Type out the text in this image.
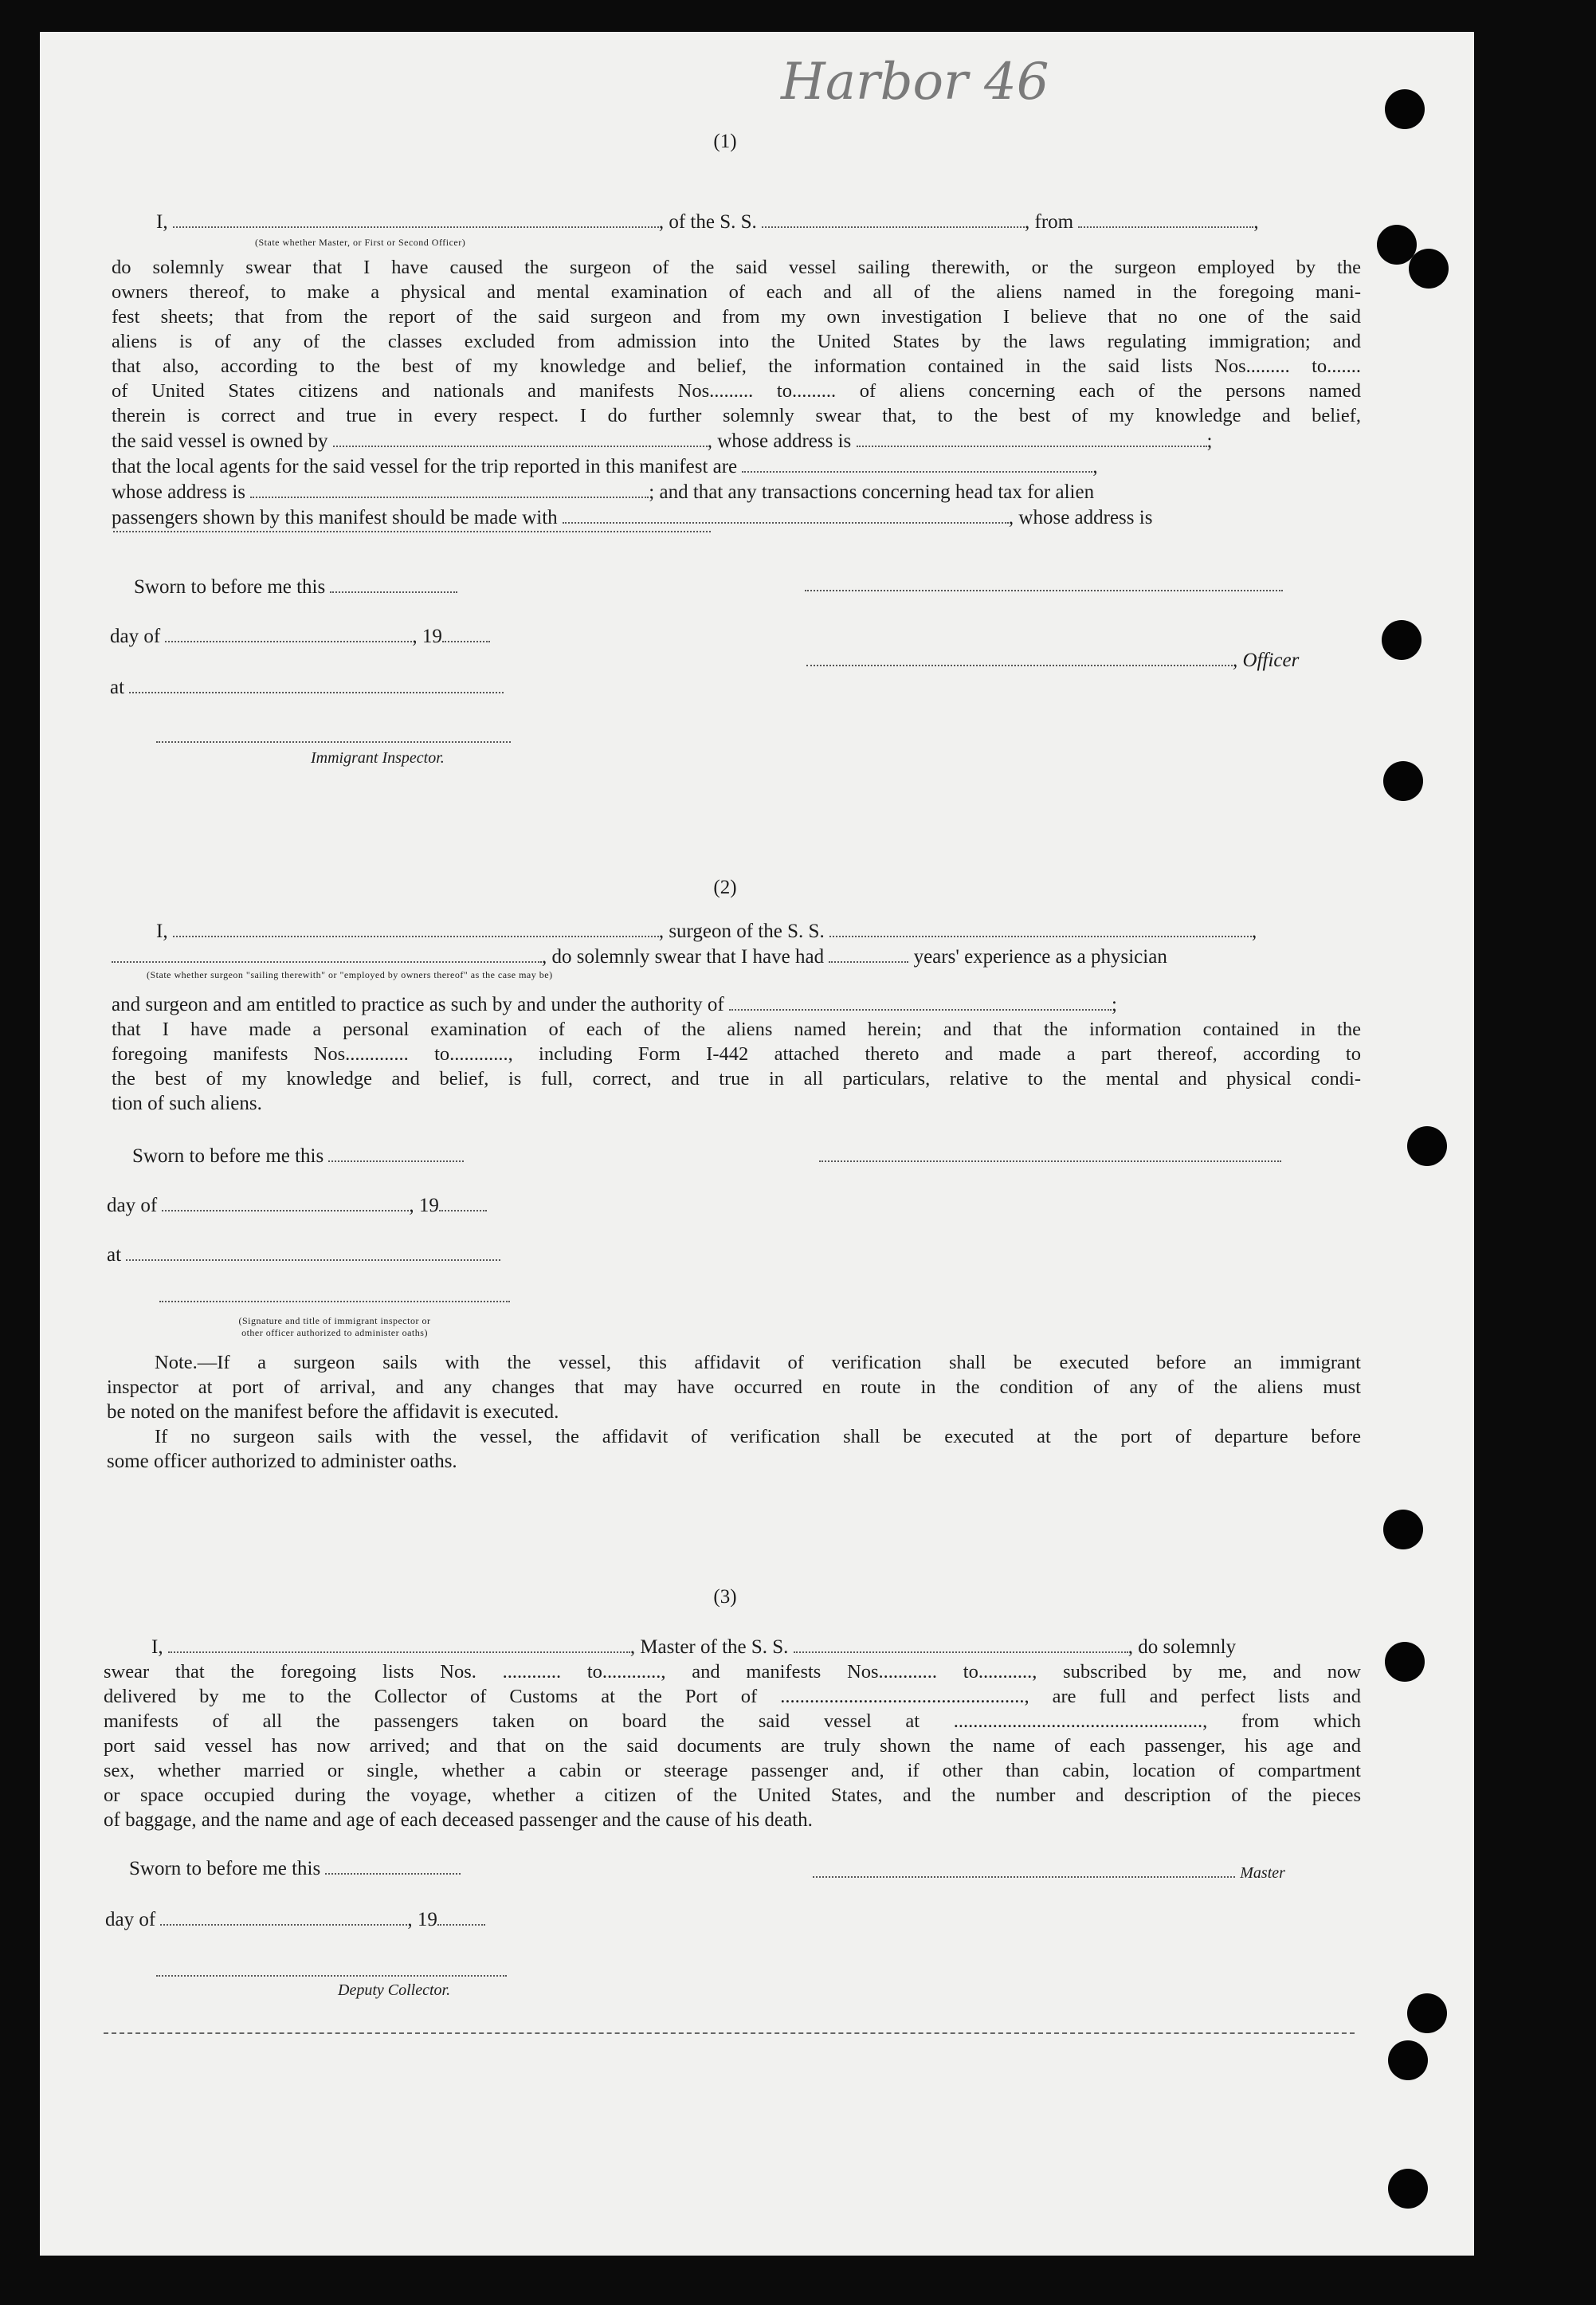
Harbor 46
(1)
I,	, of the S. S.	, from	,
(State whether Master, or First or Second Officer)
do solemnly swear that I have caused the surgeon of the said vessel sailing therewith, or the surgeon employed by the
owners thereof, to make a physical and mental examination of each and all of the aliens named in the foregoing mani-
fest sheets; that from the report of the said surgeon and from my own investigation I believe that no one of the said
aliens is of any of the classes excluded from admission into the United States by the laws regulating immigration; and
that also, according to the best of my knowledge and belief, the information contained in the said lists Nos......... to.......
of United States citizens and nationals and manifests Nos......... to......... of aliens concerning each of the persons named
therein is correct and true in every respect. I do further solemnly swear that, to the best of my knowledge and belief,
the said vessel is owned by	, whose address is	;
that the local agents for the said vessel for the trip reported in this manifest are	,
whose address is	; and that any transactions concerning head tax for alien
passengers shown by this manifest should be made with	, whose address is
Sworn to before me this
day of	, 19
, Officer
at
Immigrant Inspector.
(2)
I,	, surgeon of the S. S.	,
, do solemnly swear that I have had	years' experience as a physician
(State whether surgeon "sailing therewith" or "employed by owners thereof" as the case may be)
and surgeon and am entitled to practice as such by and under the authority of	;
that I have made a personal examination of each of the aliens named herein; and that the information contained in the
foregoing manifests Nos............. to............, including Form I-442 attached thereto and made a part thereof, according to
the best of my knowledge and belief, is full, correct, and true in all particulars, relative to the mental and physical condi-
tion of such aliens.
Sworn to before me this
day of	, 19
at
(Signature and title of immigrant inspector or
other officer authorized to administer oaths)
Note.—If a surgeon sails with the vessel, this affidavit of verification shall be executed before an immigrant
inspector at port of arrival, and any changes that may have occurred en route in the condition of any of the aliens must
be noted on the manifest before the affidavit is executed.
If no surgeon sails with the vessel, the affidavit of verification shall be executed at the port of departure before
some officer authorized to administer oaths.
(3)
I,	, Master of the S. S.	, do solemnly
swear that the foregoing lists Nos. ............ to............, and manifests Nos............ to..........., subscribed by me, and now
delivered by me to the Collector of Customs at the Port of .................................................., are full and perfect lists and
manifests of all the passengers taken on board the said vessel at ..................................................., from which
port said vessel has now arrived; and that on the said documents are truly shown the name of each passenger, his age and
sex, whether married or single, whether a cabin or steerage passenger and, if other than cabin, location of compartment
or space occupied during the voyage, whether a citizen of the United States, and the number and description of the pieces
of baggage, and the name and age of each deceased passenger and the cause of his death.
Sworn to before me this	Master
day of	, 19
Deputy Collector.
